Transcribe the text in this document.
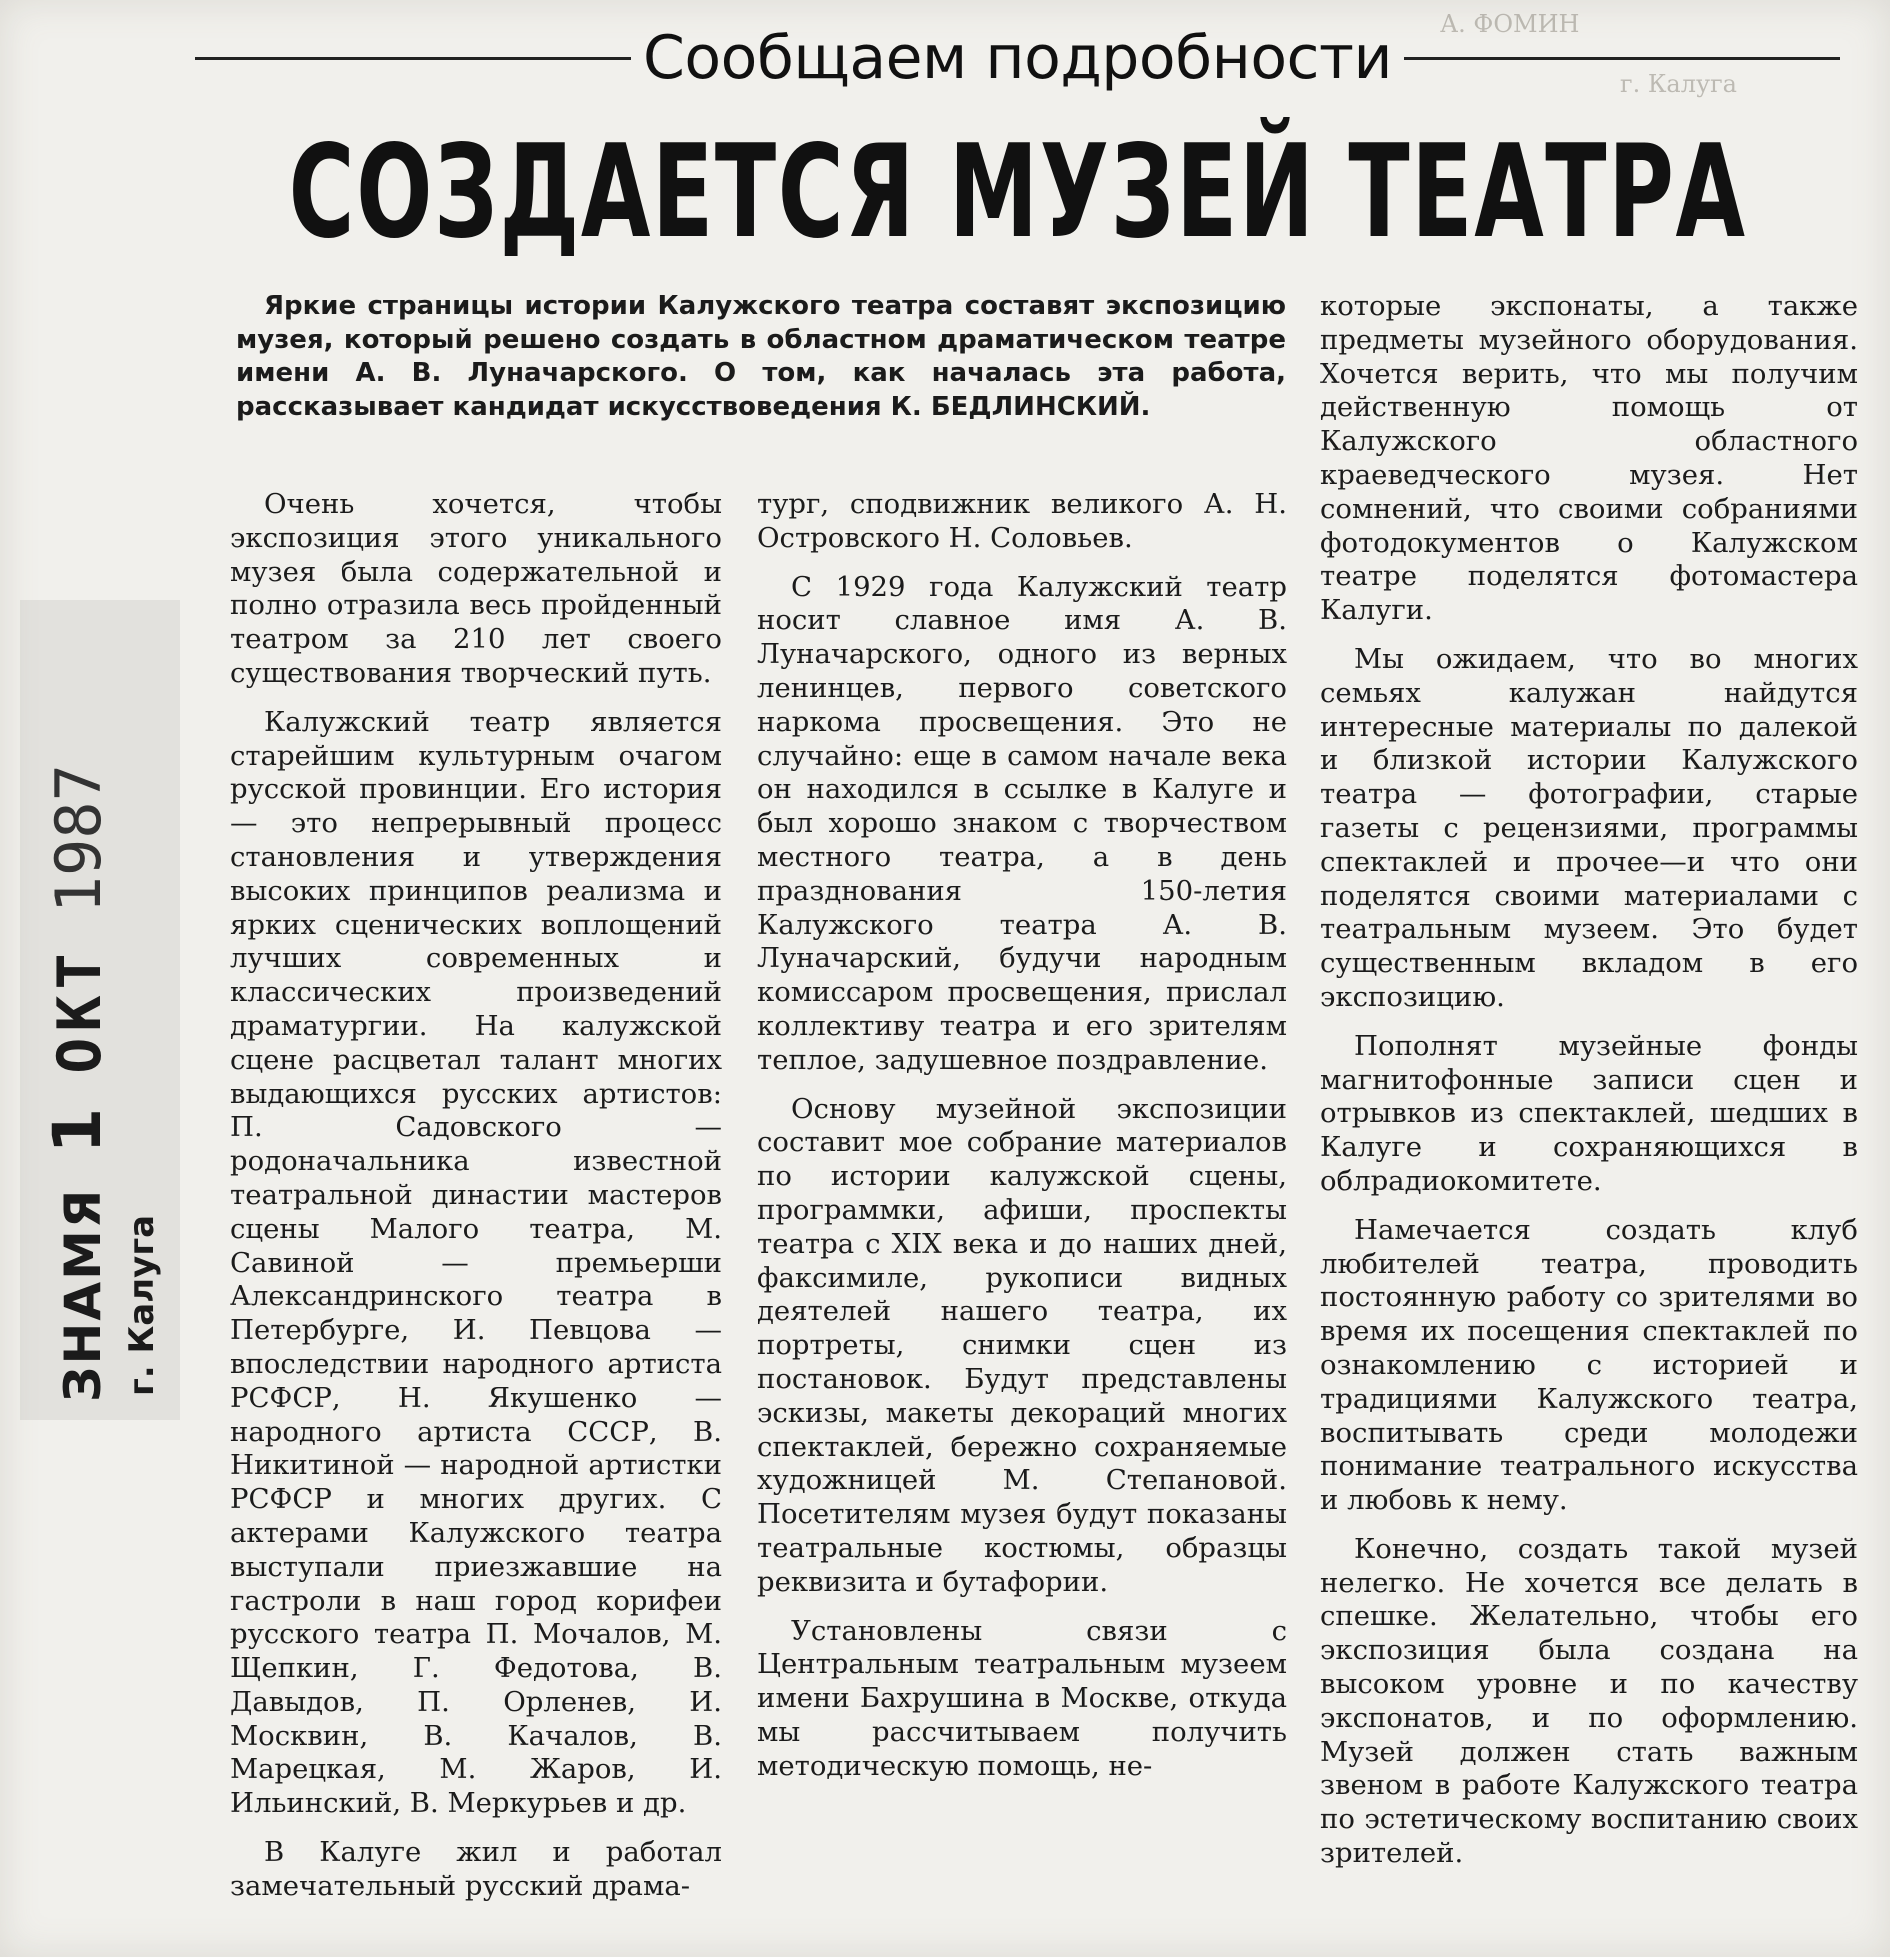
А. ФОМИН
г. Калуга
Сообщаем подробности
СОЗДАЕТСЯ МУЗЕЙ ТЕАТРА
Яркие страницы истории Калужского театра составят экспозицию музея, который решено создать в областном драматическом театре имени А. В. Луначарского. О том, как началась эта работа, рассказывает кандидат искусствоведения К. БЕДЛИНСКИЙ.

Очень хочется, чтобы экспозиция этого уникального музея была содержательной и полно отразила весь пройденный театром за 210 лет своего существования творческий путь.

Калужский театр является старейшим культурным очагом русской провинции. Его история — это непрерывный процесс становления и утверждения высоких принципов реализма и ярких сценических воплощений лучших современных и классических произведений драматургии. На калужской сцене расцветал талант многих выдающихся русских артистов: П. Садовского — родоначальника известной театральной династии мастеров сцены Малого театра, М. Савиной — премьерши Александринского театра в Петербурге, И. Певцова — впоследствии народного артиста РСФСР, Н. Якушенко — народного артиста СССР, В. Никитиной — народной артистки РСФСР и многих других. С актерами Калужского театра выступали приезжавшие на гастроли в наш город корифеи русского театра П. Мочалов, М. Щепкин, Г. Федотова, В. Давыдов, П. Орленев, И. Москвин, В. Качалов, В. Марецкая, М. Жаров, И. Ильинский, В. Меркурьев и др.

В Калуге жил и работал замечательный русский драма-

тург, сподвижник великого А. Н. Островского Н. Соловьев.

С 1929 года Калужский театр носит славное имя А. В. Луначарского, одного из верных ленинцев, первого советского наркома просвещения. Это не случайно: еще в самом начале века он находился в ссылке в Калуге и был хорошо знаком с творчеством местного театра, а в день празднования 150-летия Калужского театра А. В. Луначарский, будучи народным комиссаром просвещения, прислал коллективу театра и его зрителям теплое, задушевное поздравление.

Основу музейной экспозиции составит мое собрание материалов по истории калужской сцены, программки, афиши, проспекты театра с XIX века и до наших дней, факсимиле, рукописи видных деятелей нашего театра, их портреты, снимки сцен из постановок. Будут представлены эскизы, макеты декораций многих спектаклей, бережно сохраняемые художницей М. Степановой. Посетителям музея будут показаны театральные костюмы, образцы реквизита и бутафории.

Установлены связи с Центральным театральным музеем имени Бахрушина в Москве, откуда мы рассчитываем получить методическую помощь, не-

которые экспонаты, а также предметы музейного оборудования. Хочется верить, что мы получим действенную помощь от Калужского областного краеведческого музея. Нет сомнений, что своими собраниями фотодокументов о Калужском театре поделятся фотомастера Калуги.

Мы ожидаем, что во многих семьях калужан найдутся интересные материалы по далекой и близкой истории Калужского театра — фотографии, старые газеты с рецензиями, программы спектаклей и прочее—и что они поделятся своими материалами с театральным музеем. Это будет существенным вкладом в его экспозицию.

Пополнят музейные фонды магнитофонные записи сцен и отрывков из спектаклей, шедших в Калуге и сохраняющихся в облрадиокомитете.

Намечается создать клуб любителей театра, проводить постоянную работу со зрителями во время их посещения спектаклей по ознакомлению с историей и традициями Калужского театра, воспитывать среди молодежи понимание театрального искусства и любовь к нему.

Конечно, создать такой музей нелегко. Не хочется все делать в спешке. Желательно, чтобы его экспозиция была создана на высоком уровне и по качеству экспонатов, и по оформлению. Музей должен стать важным звеном в работе Калужского театра по эстетическому воспитанию своих зрителей.

ЗНАМЯ
1
ОКТ
1987
г. Калуга
